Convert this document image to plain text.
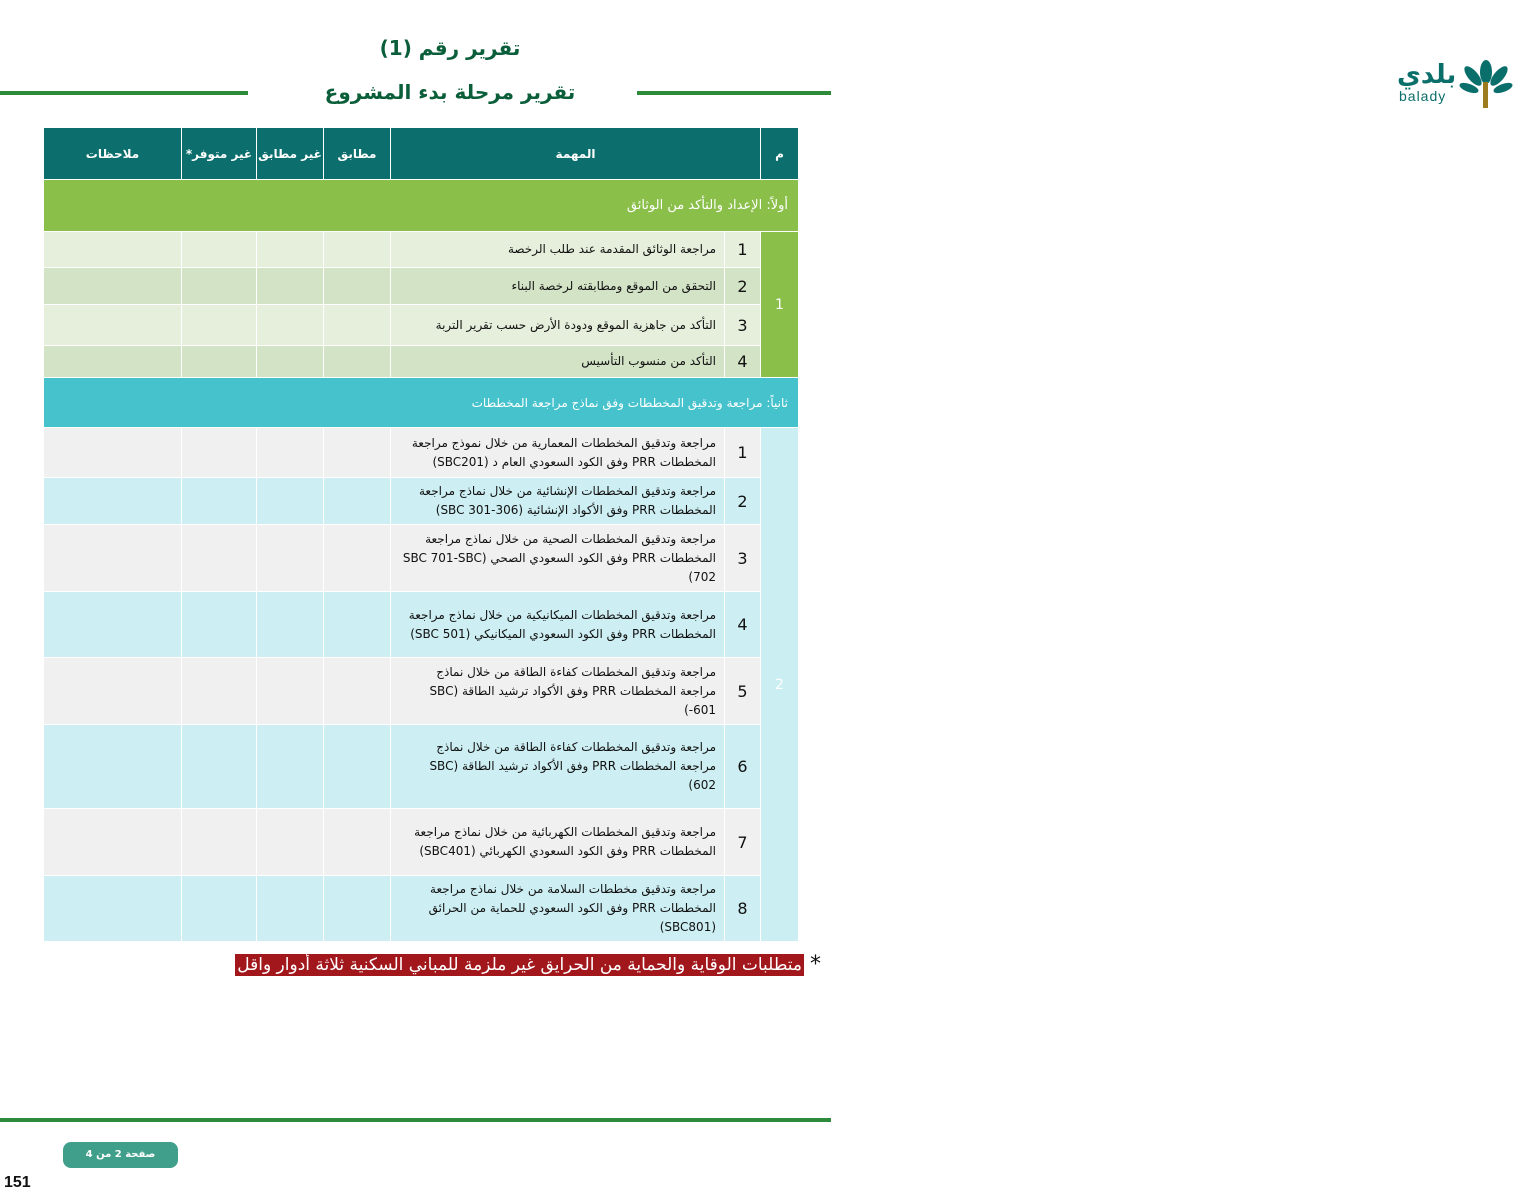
بلدي
balady
تقرير رقم (1)
تقرير مرحلة بدء المشروع
م	المهمة		مطابق	غير مطابق	غير متوفر*	ملاحظات
أولاً: الإعداد والتأكد من الوثائق						
1	1	مراجعة الوثائق المقدمة عند طلب الرخصة				
	2	التحقق من الموقع ومطابقته لرخصة البناء				
	3	التأكد من جاهزية الموقع ودودة الأرض حسب تقرير التربة				
	4	التأكد من منسوب التأسيس				
ثانياً: مراجعة وتدقيق المخططات وفق نماذج مراجعة المخططات						
2	1	مراجعة وتدقيق المخططات المعمارية من خلال نموذج مراجعة المخططات PRR وفق الكود السعودي العام د (SBC201)				
	2	مراجعة وتدقيق المخططات الإنشائية من خلال نماذج مراجعة المخططات PRR وفق الأكواد الإنشائية (SBC 301-306)				
	3	مراجعة وتدقيق المخططات الصحية من خلال نماذج مراجعة المخططات PRR وفق الكود السعودي الصحي (SBC 701-SBC 702)				
	4	مراجعة وتدقيق المخططات الميكانيكية من خلال نماذج مراجعة المخططات PRR وفق الكود السعودي الميكانيكي (SBC 501)				
	5	مراجعة وتدقيق المخططات كفاءة الطاقة من خلال نماذج مراجعة المخططات PRR وفق الأكواد ترشيد الطاقة (SBC 601-)				
	6	مراجعة وتدقيق المخططات كفاءة الطاقة من خلال نماذج مراجعة المخططات PRR وفق الأكواد ترشيد الطاقة (SBC 602)				
	7	مراجعة وتدقيق المخططات الكهربائية من خلال نماذج مراجعة المخططات PRR وفق الكود السعودي الكهربائي (SBC401)				
	8	مراجعة وتدقيق مخططات السلامة من خلال نماذج مراجعة المخططات PRR وفق الكود السعودي للحماية من الحرائق (SBC801)				
*
متطلبات الوقاية والحماية من الحرايق غير ملزمة للمباني السكنية ثلاثة أدوار واقل
صفحة 2 من 4
151
